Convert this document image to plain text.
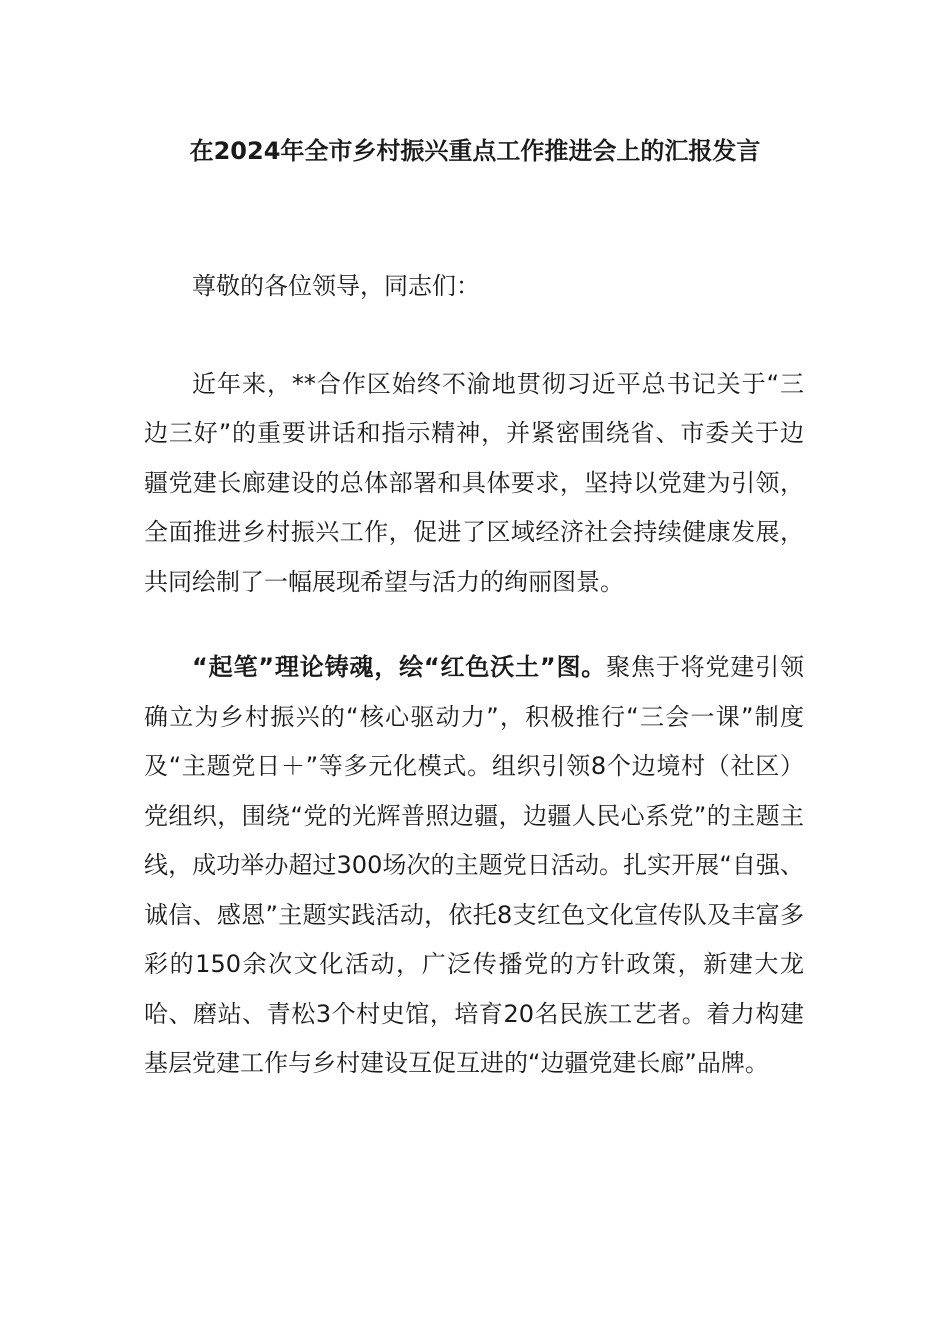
在2024年全市乡村振兴重点工作推进会上的汇报发言

尊敬的各位领导，同志们：

近年来，**合作区始终不渝地贯彻习近平总书记关于“三边三好”的重要讲话和指示精神，并紧密围绕省、市委关于边疆党建长廊建设的总体部署和具体要求，坚持以党建为引领，全面推进乡村振兴工作，促进了区域经济社会持续健康发展，共同绘制了一幅展现希望与活力的绚丽图景。

“起笔”理论铸魂，绘“红色沃土”图。聚焦于将党建引领确立为乡村振兴的“核心驱动力”，积极推行“三会一课”制度及“主题党日＋”等多元化模式。组织引领8个边境村（社区）党组织，围绕“党的光辉普照边疆，边疆人民心系党”的主题主线，成功举办超过300场次的主题党日活动。扎实开展“自强、诚信、感恩”主题实践活动，依托8支红色文化宣传队及丰富多彩的150余次文化活动，广泛传播党的方针政策，新建大龙哈、磨站、青松3个村史馆，培育20名民族工艺者。着力构建基层党建工作与乡村建设互促互进的“边疆党建长廊”品牌。
